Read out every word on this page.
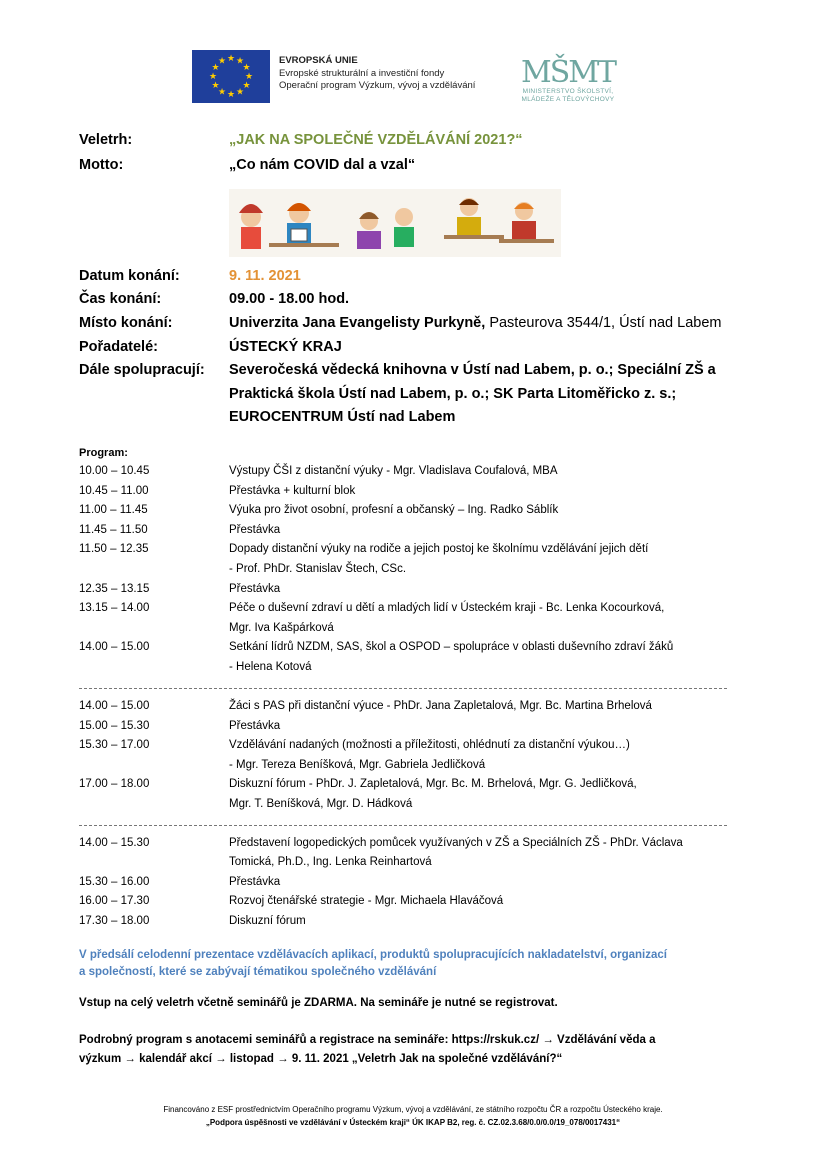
★ ★
★
★
★
★
★
★
★
★
★
★	EVROPSKÁ UNIE
Evropské strukturální a investiční fondy
Operační program Výzkum, vývoj a vzdělávání MŠMT
MINISTERSTVO ŠKOLSTVÍ,
MLÁDEŽE A TĚLOVÝCHOVY
Veletrh:	„JAK NA SPOLEČNÉ VZDĚLÁVÁNÍ 2021?“
Motto:	„Co nám COVID dal a vzal“
Datum konání:	9. 11. 2021
Čas konání:	09.00 - 18.00 hod.
Místo konání:	Univerzita Jana Evangelisty Purkyně, Pasteurova 3544/1, Ústí nad Labem
Pořadatelé:	ÚSTECKÝ KRAJ
Dále spolupracují: Severočeská vědecká knihovna v Ústí nad Labem, p. o.; Speciální ZŠ a
Praktická škola Ústí nad Labem, p. o.; SK Parta Litoměřicko z. s.;
EUROCENTRUM Ústí nad Labem
Program:
10.00 – 10.45	Výstupy ČŠI z distanční výuky - Mgr. Vladislava Coufalová, MBA
10.45 – 11.00	Přestávka + kulturní blok
11.00 – 11.45	Výuka pro život osobní, profesní a občanský – Ing. Radko Sáblík
11.45 – 11.50	Přestávka
11.50 – 12.35	Dopady distanční výuky na rodiče a jejich postoj ke školnímu vzdělávání jejich dětí
- Prof. PhDr. Stanislav Štech, CSc.
12.35 – 13.15	Přestávka
13.15 – 14.00	Péče o duševní zdraví u dětí a mladých lidí v Ústeckém kraji - Bc. Lenka Kocourková,
Mgr. Iva Kašpárková
14.00 – 15.00	Setkání lídrů NZDM, SAS, škol a OSPOD – spolupráce v oblasti duševního zdraví žáků
- Helena Kotová
14.00 – 15.00	Žáci s PAS při distanční výuce - PhDr. Jana Zapletalová, Mgr. Bc. Martina Brhelová
15.00 – 15.30	Přestávka
15.30 – 17.00	Vzdělávání nadaných (možnosti a příležitosti, ohlédnutí za distanční výukou…)
- Mgr. Tereza Beníšková, Mgr. Gabriela Jedličková
17.00 – 18.00	Diskuzní fórum - PhDr. J. Zapletalová, Mgr. Bc. M. Brhelová, Mgr. G. Jedličková,
Mgr. T. Beníšková, Mgr. D. Hádková
14.00 – 15.30	Představení logopedických pomůcek využívaných v ZŠ a Speciálních ZŠ - PhDr. Václava
Tomická, Ph.D., Ing. Lenka Reinhartová
15.30 – 16.00	Přestávka
16.00 – 17.30	Rozvoj čtenářské strategie - Mgr. Michaela Hlaváčová
17.30 – 18.00	Diskuzní fórum
V předsálí celodenní prezentace vzdělávacích aplikací, produktů spolupracujících nakladatelství, organizací
a společností, které se zabývají tématikou společného vzdělávání
Vstup na celý veletrh včetně seminářů je ZDARMA. Na semináře je nutné se registrovat.
Podrobný program s anotacemi seminářů a registrace na semináře: https://rskuk.cz/ → Vzdělávání věda a
výzkum → kalendář akcí → listopad → 9. 11. 2021 „Veletrh Jak na společné vzdělávání?“
Financováno z ESF prostřednictvím Operačního programu Výzkum, vývoj a vzdělávání, ze státního rozpočtu ČR a rozpočtu Ústeckého kraje.
„Podpora úspěšnosti ve vzdělávání v Ústeckém kraji“ ÚK IKAP B2, reg. č. CZ.02.3.68/0.0/0.0/19_078/0017431“
